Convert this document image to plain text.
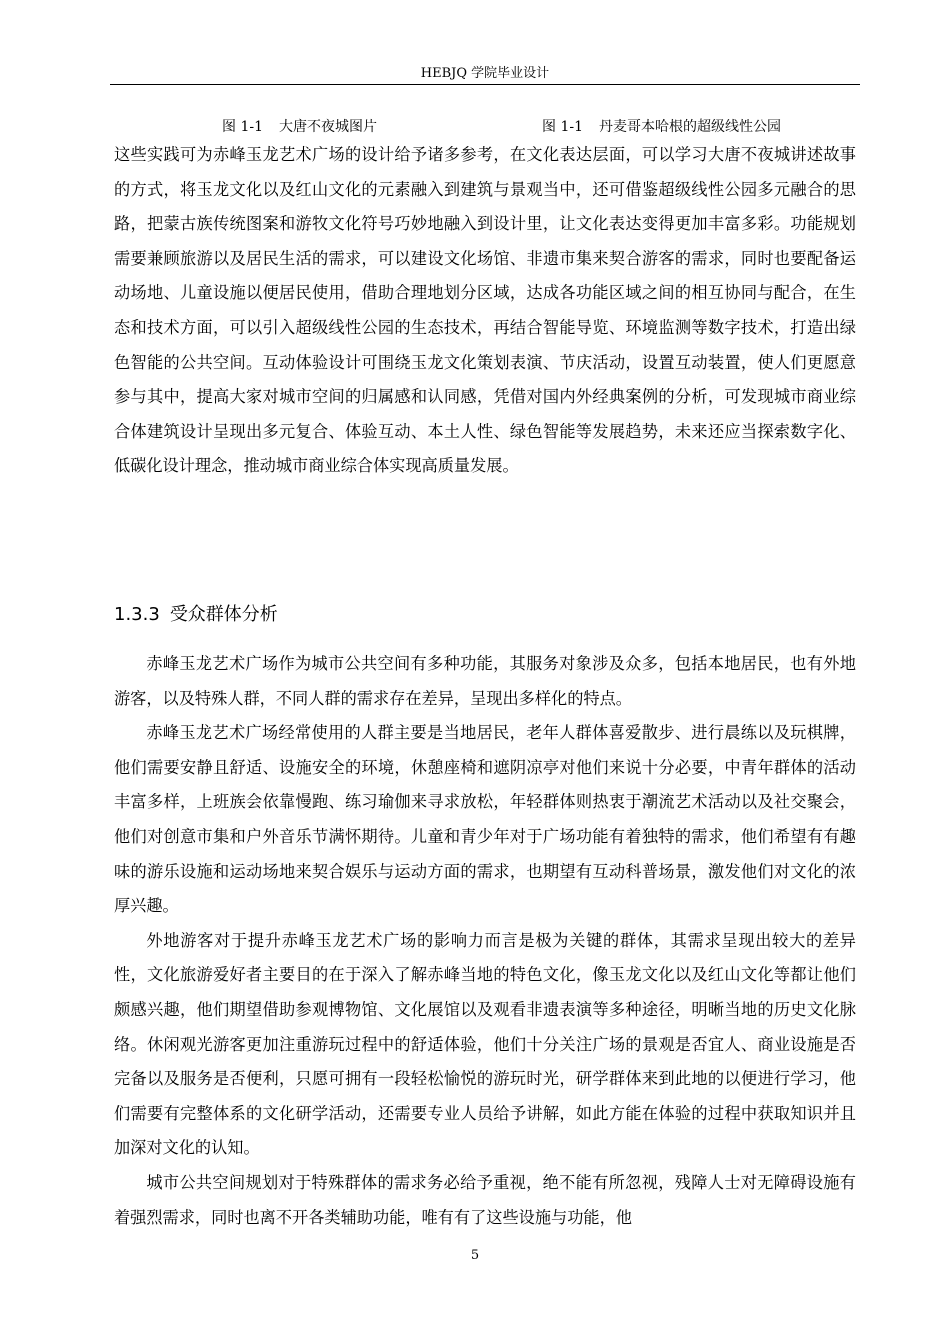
HEBJQ 学院毕业设计
图 1-1 大唐不夜城图片	图 1-1 丹麦哥本哈根的超级线性公园

这些实践可为赤峰玉龙艺术广场的设计给予诸多参考，在文化表达层面，可以学习大唐不夜城讲述故事的方式，将玉龙文化以及红山文化的元素融入到建筑与景观当中，还可借鉴超级线性公园多元融合的思路，把蒙古族传统图案和游牧文化符号巧妙地融入到设计里，让文化表达变得更加丰富多彩。功能规划需要兼顾旅游以及居民生活的需求，可以建设文化场馆、非遗市集来契合游客的需求，同时也要配备运动场地、儿童设施以便居民使用，借助合理地划分区域，达成各功能区域之间的相互协同与配合，在生态和技术方面，可以引入超级线性公园的生态技术，再结合智能导览、环境监测等数字技术，打造出绿色智能的公共空间。互动体验设计可围绕玉龙文化策划表演、节庆活动，设置互动装置，使人们更愿意参与其中，提高大家对城市空间的归属感和认同感，凭借对国内外经典案例的分析，可发现城市商业综合体建筑设计呈现出多元复合、体验互动、本土人性、绿色智能等发展趋势，未来还应当探索数字化、低碳化设计理念，推动城市商业综合体实现高质量发展。

1.3.3 受众群体分析

赤峰玉龙艺术广场作为城市公共空间有多种功能，其服务对象涉及众多，包括本地居民，也有外地游客，以及特殊人群，不同人群的需求存在差异，呈现出多样化的特点。

赤峰玉龙艺术广场经常使用的人群主要是当地居民，老年人群体喜爱散步、进行晨练以及玩棋牌，他们需要安静且舒适、设施安全的环境，休憩座椅和遮阴凉亭对他们来说十分必要，中青年群体的活动丰富多样，上班族会依靠慢跑、练习瑜伽来寻求放松，年轻群体则热衷于潮流艺术活动以及社交聚会，他们对创意市集和户外音乐节满怀期待。儿童和青少年对于广场功能有着独特的需求，他们希望有有趣味的游乐设施和运动场地来契合娱乐与运动方面的需求，也期望有互动科普场景，激发他们对文化的浓厚兴趣。

外地游客对于提升赤峰玉龙艺术广场的影响力而言是极为关键的群体，其需求呈现出较大的差异性，文化旅游爱好者主要目的在于深入了解赤峰当地的特色文化，像玉龙文化以及红山文化等都让他们颇感兴趣，他们期望借助参观博物馆、文化展馆以及观看非遗表演等多种途径，明晰当地的历史文化脉络。休闲观光游客更加注重游玩过程中的舒适体验，他们十分关注广场的景观是否宜人、商业设施是否完备以及服务是否便利，只愿可拥有一段轻松愉悦的游玩时光，研学群体来到此地的以便进行学习，他们需要有完整体系的文化研学活动，还需要专业人员给予讲解，如此方能在体验的过程中获取知识并且加深对文化的认知。

城市公共空间规划对于特殊群体的需求务必给予重视，绝不能有所忽视，残障人士对无障碍设施有着强烈需求，同时也离不开各类辅助功能，唯有有了这些设施与功能，他

5
